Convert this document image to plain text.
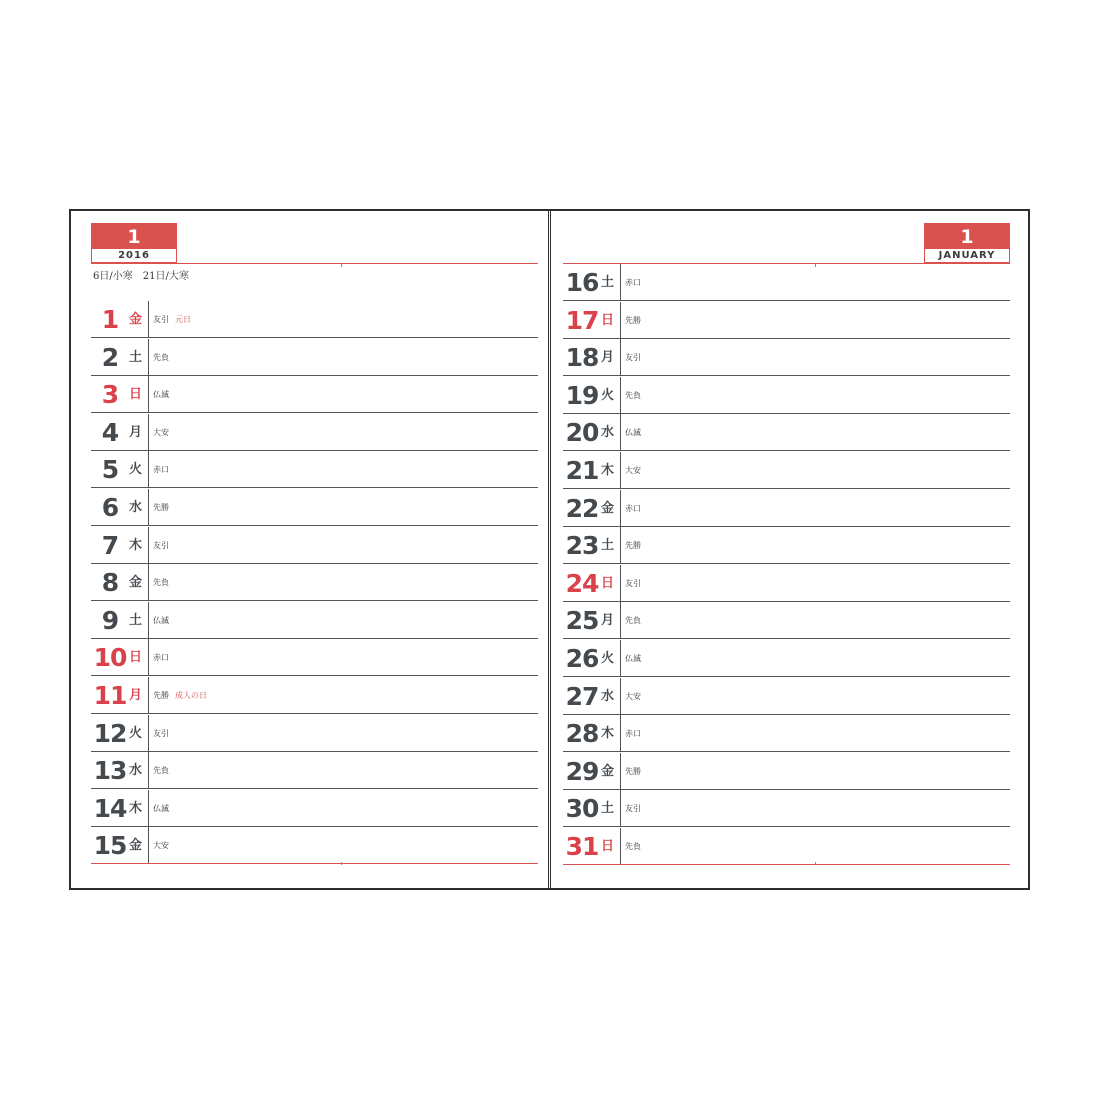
1
2016
6日/小寒　21日/大寒
1 金 友引 元日
2 土 先負
3 日 仏滅
4 月 大安
5 火 赤口
6 水 先勝
7 木 友引
8 金 先負
9 土 仏滅
10 日 赤口
11 月 先勝 成人の日
12 火 友引
13 水 先負
14 木 仏滅
15 金 大安
1
JANUARY
16 土 赤口
17 日 先勝
18 月 友引
19 火 先負
20 水 仏滅
21 木 大安
22 金 赤口
23 土 先勝
24 日 友引
25 月 先負
26 火 仏滅
27 水 大安
28 木 赤口
29 金 先勝
30 土 友引
31 日 先負
